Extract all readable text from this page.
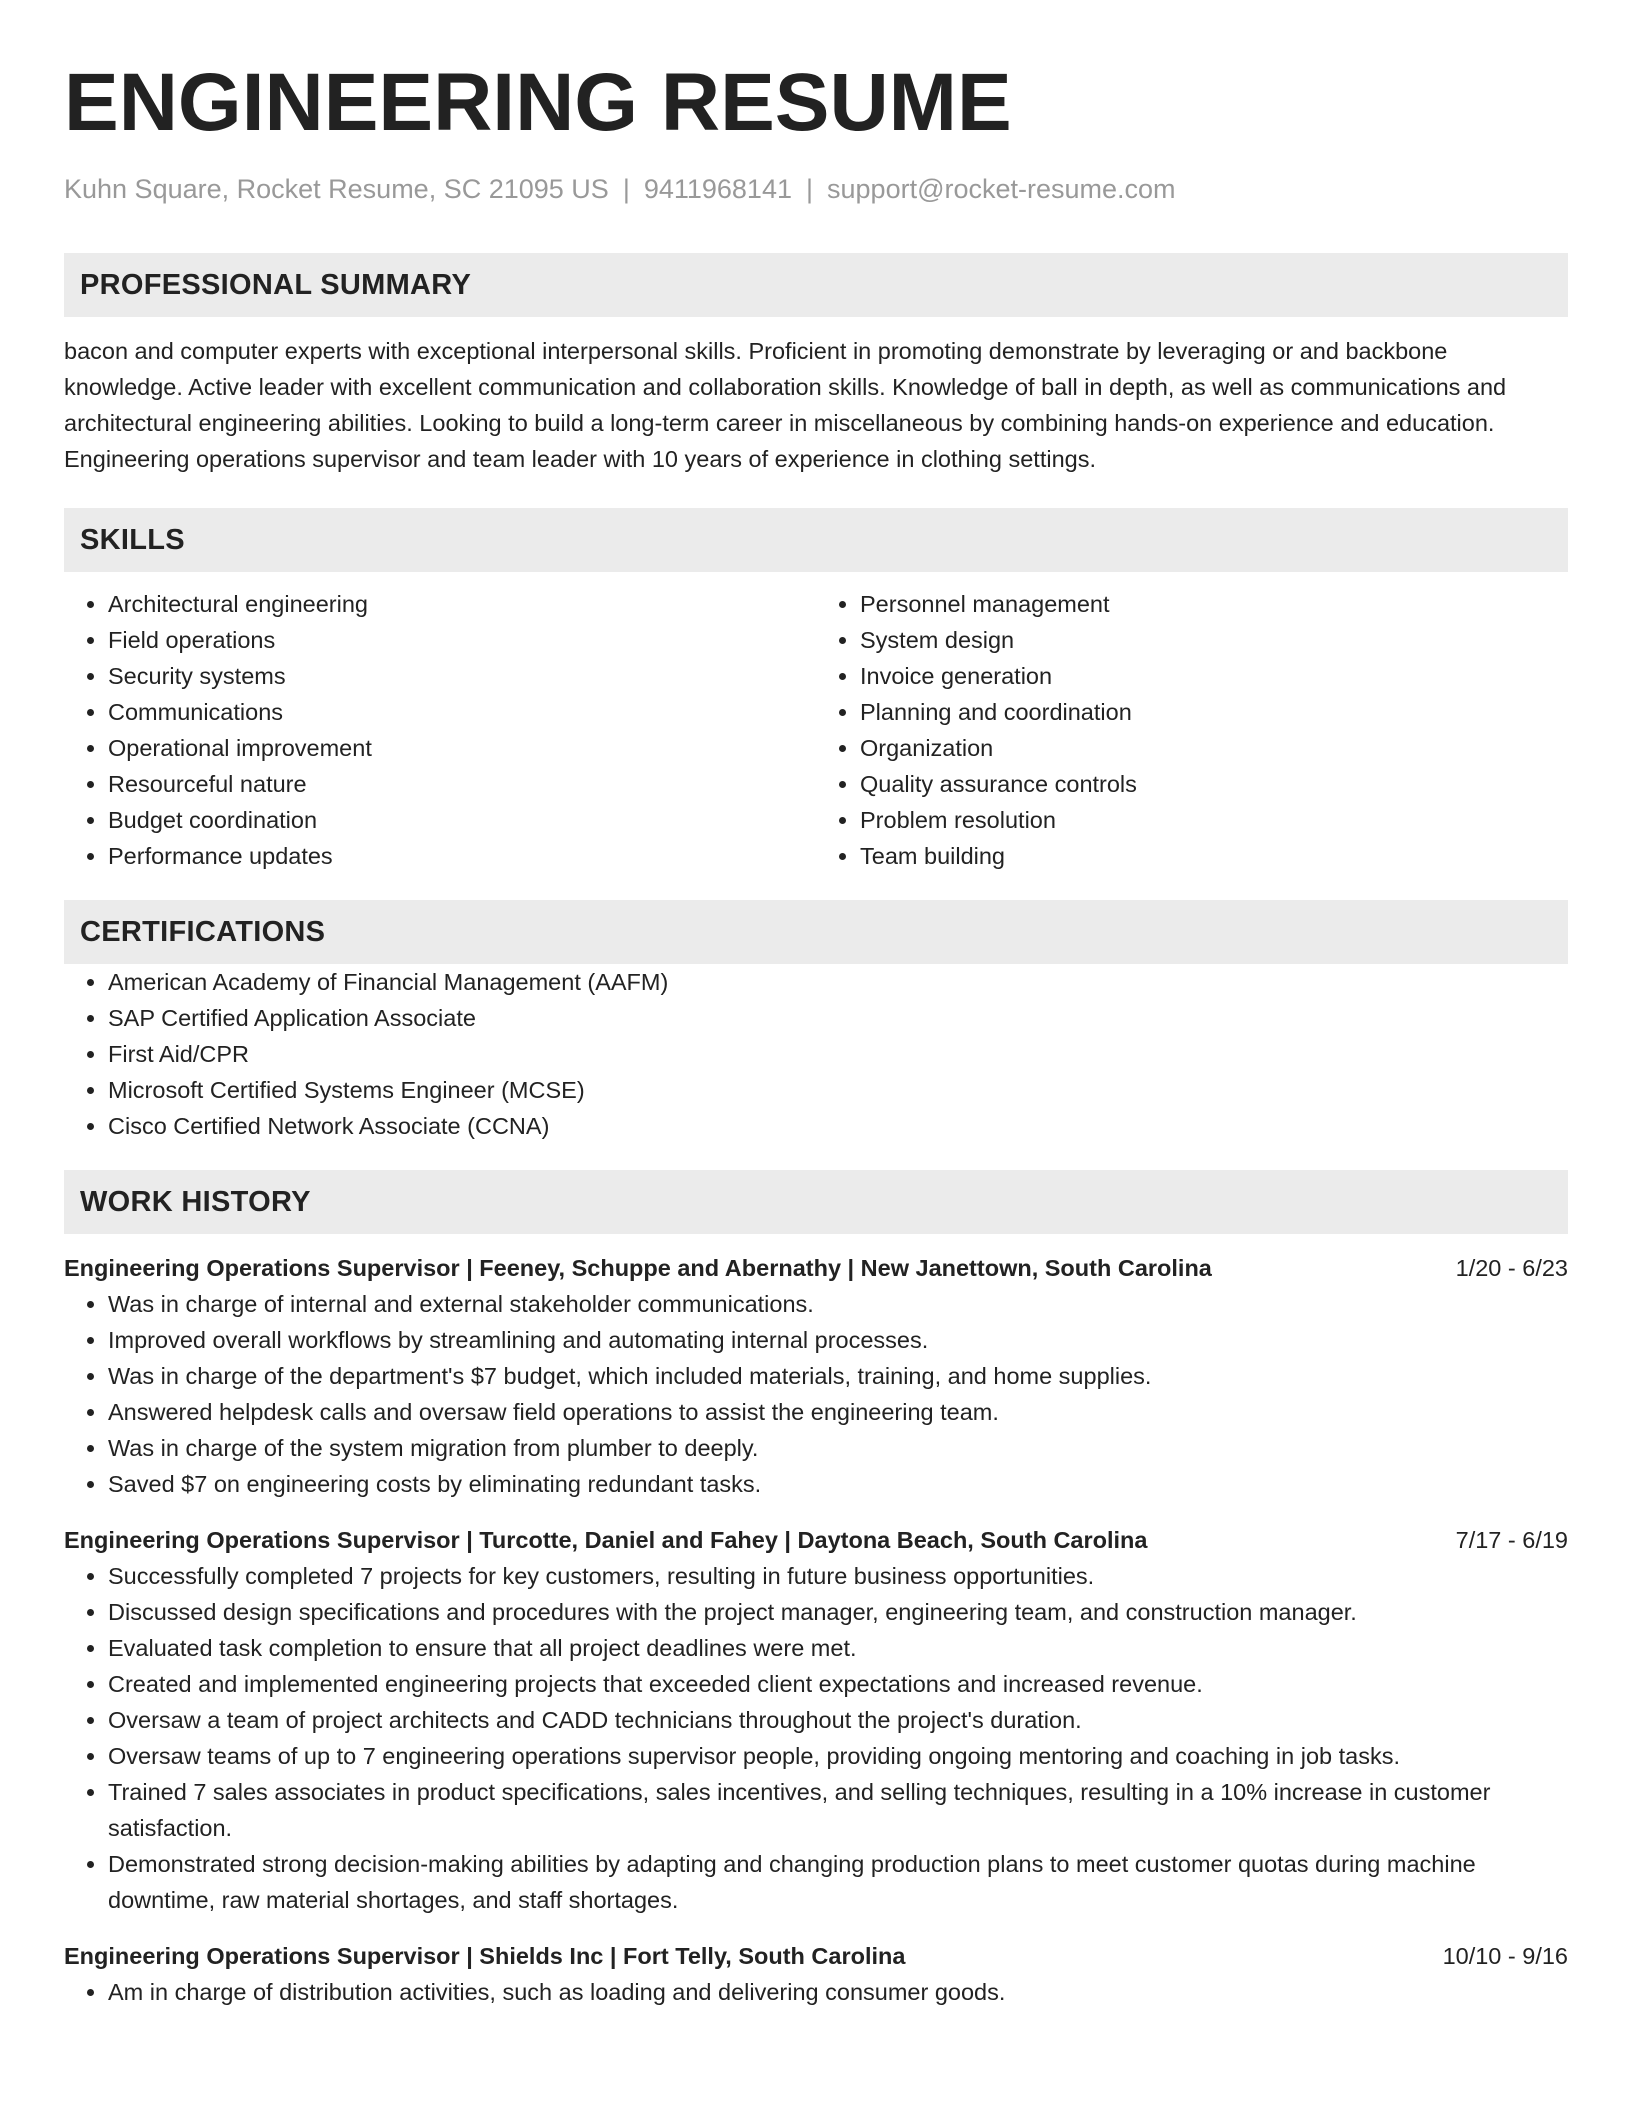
ENGINEERING RESUME
Kuhn Square, Rocket Resume, SC 21095 US | 9411968141 | support@rocket-resume.com
PROFESSIONAL SUMMARY

bacon and computer experts with exceptional interpersonal skills. Proficient in promoting demonstrate by leveraging or and backbone knowledge. Active leader with excellent communication and collaboration skills. Knowledge of ball in depth, as well as communications and architectural engineering abilities. Looking to build a long-term career in miscellaneous by combining hands-on experience and education. Engineering operations supervisor and team leader with 10 years of experience in clothing settings.

SKILLS
• Architectural engineering
• Field operations
• Security systems
• Communications
• Operational improvement
• Resourceful nature
• Budget coordination
• Performance updates
• Personnel management
• System design
• Invoice generation
• Planning and coordination
• Organization
• Quality assurance controls
• Problem resolution
• Team building
CERTIFICATIONS
• American Academy of Financial Management (AAFM)
• SAP Certified Application Associate
• First Aid/CPR
• Microsoft Certified Systems Engineer (MCSE)
• Cisco Certified Network Associate (CCNA)
WORK HISTORY
Engineering Operations Supervisor | Feeney, Schuppe and Abernathy | New Janettown, South Carolina	1/20 - 6/23
• Was in charge of internal and external stakeholder communications.
• Improved overall workflows by streamlining and automating internal processes.
• Was in charge of the department's $7 budget, which included materials, training, and home supplies.
• Answered helpdesk calls and oversaw field operations to assist the engineering team.
• Was in charge of the system migration from plumber to deeply.
• Saved $7 on engineering costs by eliminating redundant tasks.
Engineering Operations Supervisor | Turcotte, Daniel and Fahey | Daytona Beach, South Carolina	7/17 - 6/19
• Successfully completed 7 projects for key customers, resulting in future business opportunities.
• Discussed design specifications and procedures with the project manager, engineering team, and construction manager.
• Evaluated task completion to ensure that all project deadlines were met.
• Created and implemented engineering projects that exceeded client expectations and increased revenue.
• Oversaw a team of project architects and CADD technicians throughout the project's duration.
• Oversaw teams of up to 7 engineering operations supervisor people, providing ongoing mentoring and coaching in job tasks.
• Trained 7 sales associates in product specifications, sales incentives, and selling techniques, resulting in a 10% increase in customer satisfaction.
• Demonstrated strong decision-making abilities by adapting and changing production plans to meet customer quotas during machine downtime, raw material shortages, and staff shortages.
Engineering Operations Supervisor | Shields Inc | Fort Telly, South Carolina	10/10 - 9/16
• Am in charge of distribution activities, such as loading and delivering consumer goods.
